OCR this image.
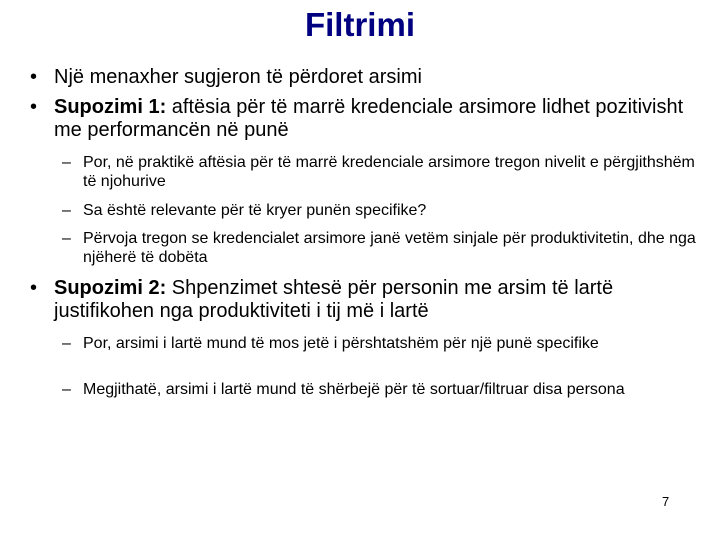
Filtrimi
• Një menaxher sugjeron të përdoret arsimi
• Supozimi 1: aftësia për të marrë kredenciale arsimore lidhet pozitivisht me performancën në punë
– Por, në praktikë aftësia për të marrë kredenciale arsimore tregon nivelit e përgjithshëm të njohurive
– Sa është relevante për të kryer punën specifike?
– Përvoja tregon se kredencialet arsimore janë vetëm sinjale për produktivitetin, dhe nga njëherë të dobëta
• Supozimi 2: Shpenzimet shtesë për personin me arsim të lartë justifikohen nga produktiviteti i tij më i lartë
– Por, arsimi i lartë mund të mos jetë i përshtatshëm për një punë specifike
– Megjithatë, arsimi i lartë mund të shërbejë për të sortuar/filtruar disa persona
7
